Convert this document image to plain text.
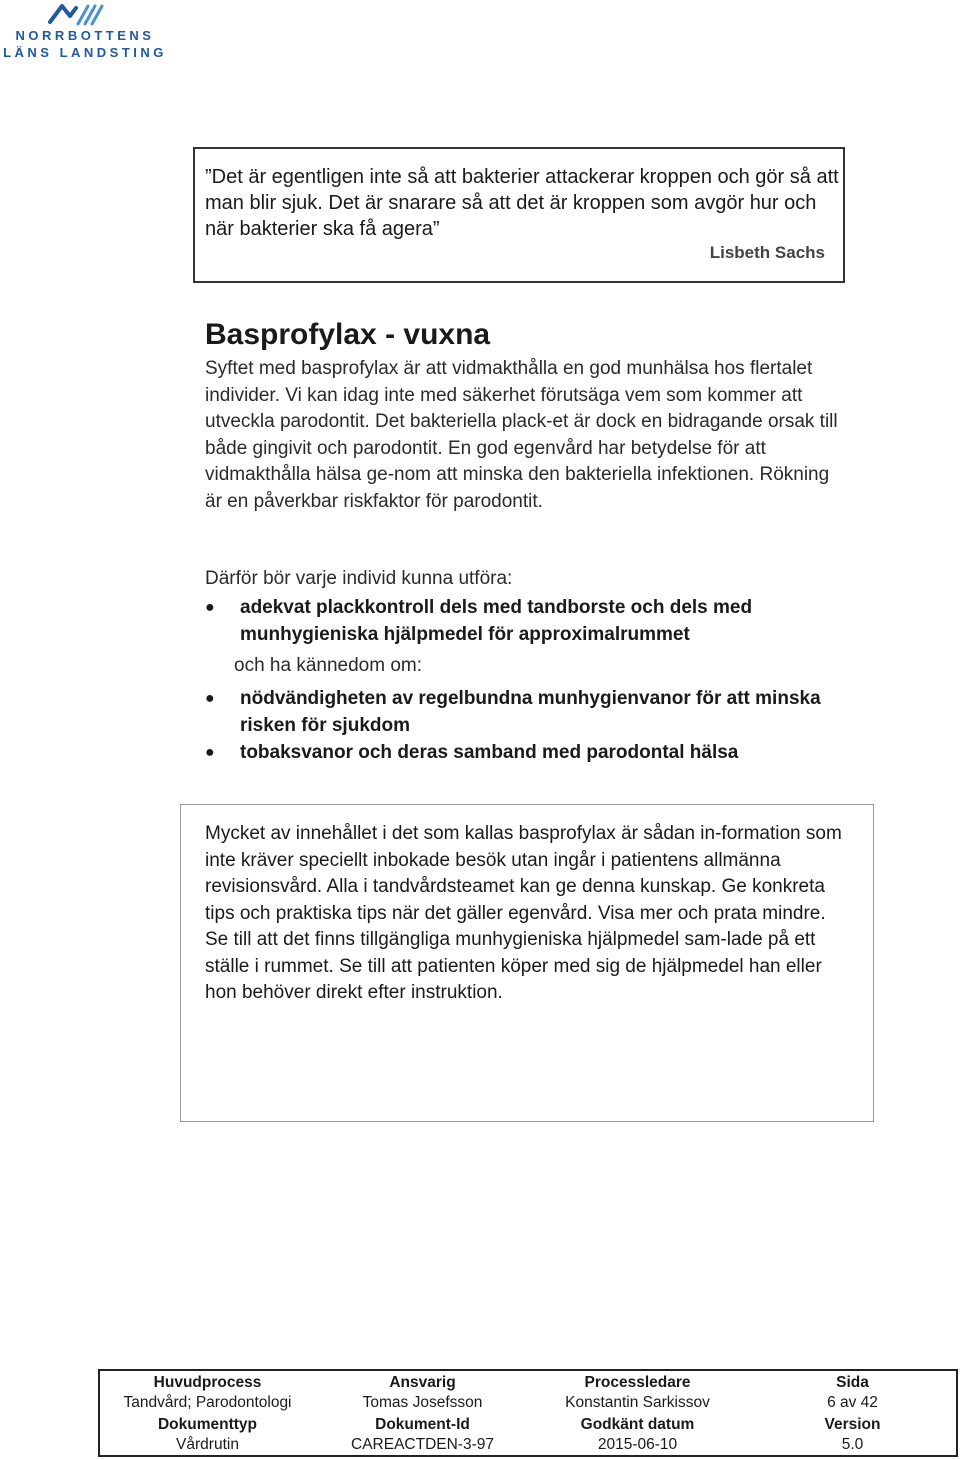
NORRBOTTENS
LÄNS LANDSTING
”Det är egentligen inte så att bakterier attackerar kroppen och gör så att man blir sjuk. Det är snarare så att det är kroppen som avgör hur och när bakterier ska få agera”
Lisbeth Sachs
Basprofylax - vuxna
Syftet med basprofylax är att vidmakthålla en god munhälsa hos flertalet individer. Vi kan idag inte med säkerhet förutsäga vem som kommer att utveckla parodontit. Det bakteriella plack-et är dock en bidragande orsak till både gingivit och parodontit. En god egenvård har betydelse för att vidmakthålla hälsa ge-nom att minska den bakteriella infektionen. Rökning är en påverkbar riskfaktor för parodontit.
Därför bör varje individ kunna utföra:
● adekvat plackkontroll dels med tandborste och dels med munhygieniska hjälpmedel för approximalrummet
och ha kännedom om:
● nödvändigheten av regelbundna munhygienvanor för att minska risken för sjukdom
● tobaksvanor och deras samband med parodontal hälsa
Mycket av innehållet i det som kallas basprofylax är sådan in-formation som inte kräver speciellt inbokade besök utan ingår i patientens allmänna revisionsvård. Alla i tandvårdsteamet kan ge denna kunskap. Ge konkreta tips och praktiska tips när det gäller egenvård. Visa mer och prata mindre. Se till att det finns tillgängliga munhygieniska hjälpmedel sam-lade på ett ställe i rummet. Se till att patienten köper med sig de hjälpmedel han eller hon behöver direkt efter instruktion.
Huvudprocess
Tandvård; Parodontologi
Ansvarig
Tomas Josefsson
Processledare
Konstantin Sarkissov
Sida
6 av 42
Dokumenttyp
Vårdrutin
Dokument-Id
CAREACTDEN-3-97
Godkänt datum
2015-06-10
Version
5.0
